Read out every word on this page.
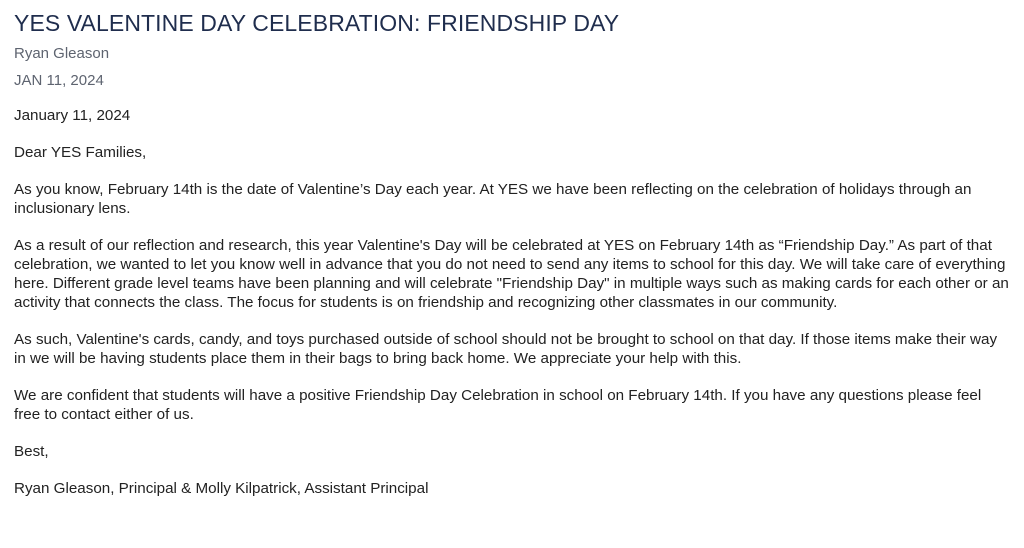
YES VALENTINE DAY CELEBRATION: FRIENDSHIP DAY
Ryan Gleason
JAN 11, 2024

January 11, 2024

Dear YES Families,

As you know, February 14th is the date of Valentine’s Day each year. At YES we have been reflecting on the celebration of holidays through an inclusionary lens.

As a result of our reflection and research, this year Valentine's Day will be celebrated at YES on February 14th as “Friendship Day.” As part of that celebration, we wanted to let you know well in advance that you do not need to send any items to school for this day. We will take care of everything here. Different grade level teams have been planning and will celebrate "Friendship Day" in multiple ways such as making cards for each other or an activity that connects the class. The focus for students is on friendship and recognizing other classmates in our community.

As such, Valentine's cards, candy, and toys purchased outside of school should not be brought to school on that day. If those items make their way in we will be having students place them in their bags to bring back home. We appreciate your help with this.

We are confident that students will have a positive Friendship Day Celebration in school on February 14th. If you have any questions please feel free to contact either of us.

Best,

Ryan Gleason, Principal & Molly Kilpatrick, Assistant Principal
